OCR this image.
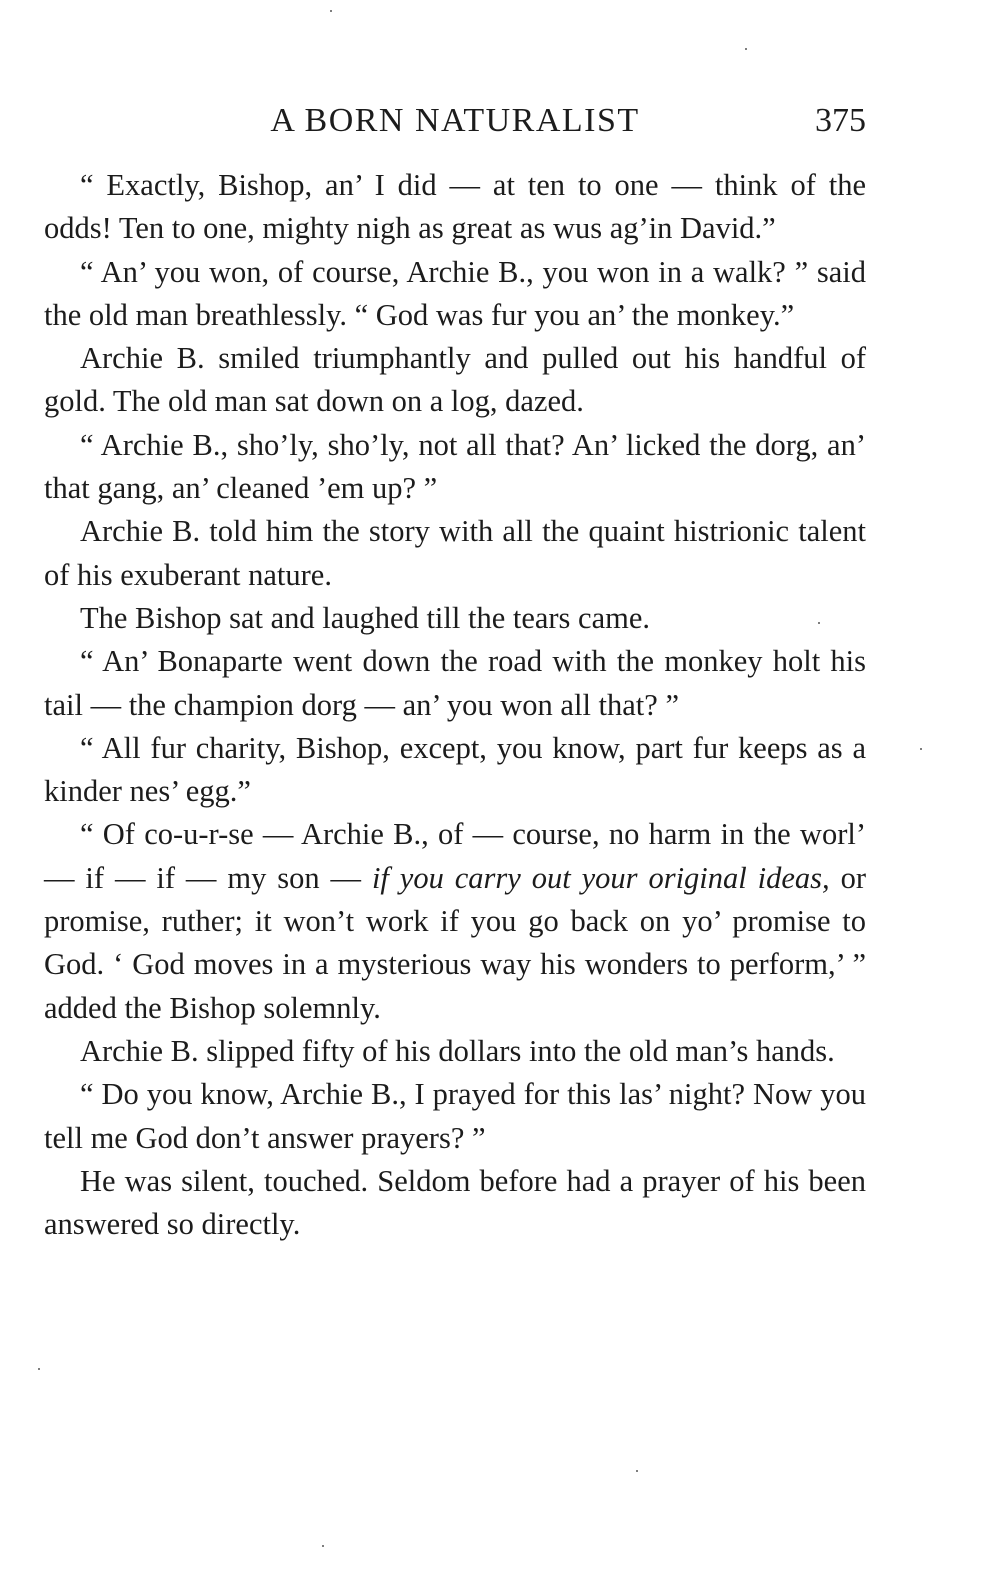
A BORN NATURALIST	375

“ Exactly, Bishop, an’ I did — at ten to one — think of the odds! Ten to one, mighty nigh as great as wus ag’in David.”

“ An’ you won, of course, Archie B., you won in a walk? ” said the old man breathlessly. “ God was fur you an’ the monkey.”

Archie B. smiled triumphantly and pulled out his handful of gold. The old man sat down on a log, dazed.

“ Archie B., sho’ly, sho’ly, not all that? An’ licked the dorg, an’ that gang, an’ cleaned ’em up? ”

Archie B. told him the story with all the quaint histrionic talent of his exuberant nature.

The Bishop sat and laughed till the tears came.

“ An’ Bonaparte went down the road with the monkey holt his tail — the champion dorg — an’ you won all that? ”

“ All fur charity, Bishop, except, you know, part fur keeps as a kinder nes’ egg.”

“ Of co-u-r-se — Archie B., of — course, no harm in the worl’ — if — if — my son — if you carry out your original ideas, or promise, ruther; it won’t work if you go back on yo’ promise to God. ‘ God moves in a mysterious way his wonders to perform,’ ” added the Bishop solemnly.

Archie B. slipped fifty of his dollars into the old man’s hands.

“ Do you know, Archie B., I prayed for this las’ night? Now you tell me God don’t answer prayers? ”

He was silent, touched. Seldom before had a prayer of his been answered so directly.
